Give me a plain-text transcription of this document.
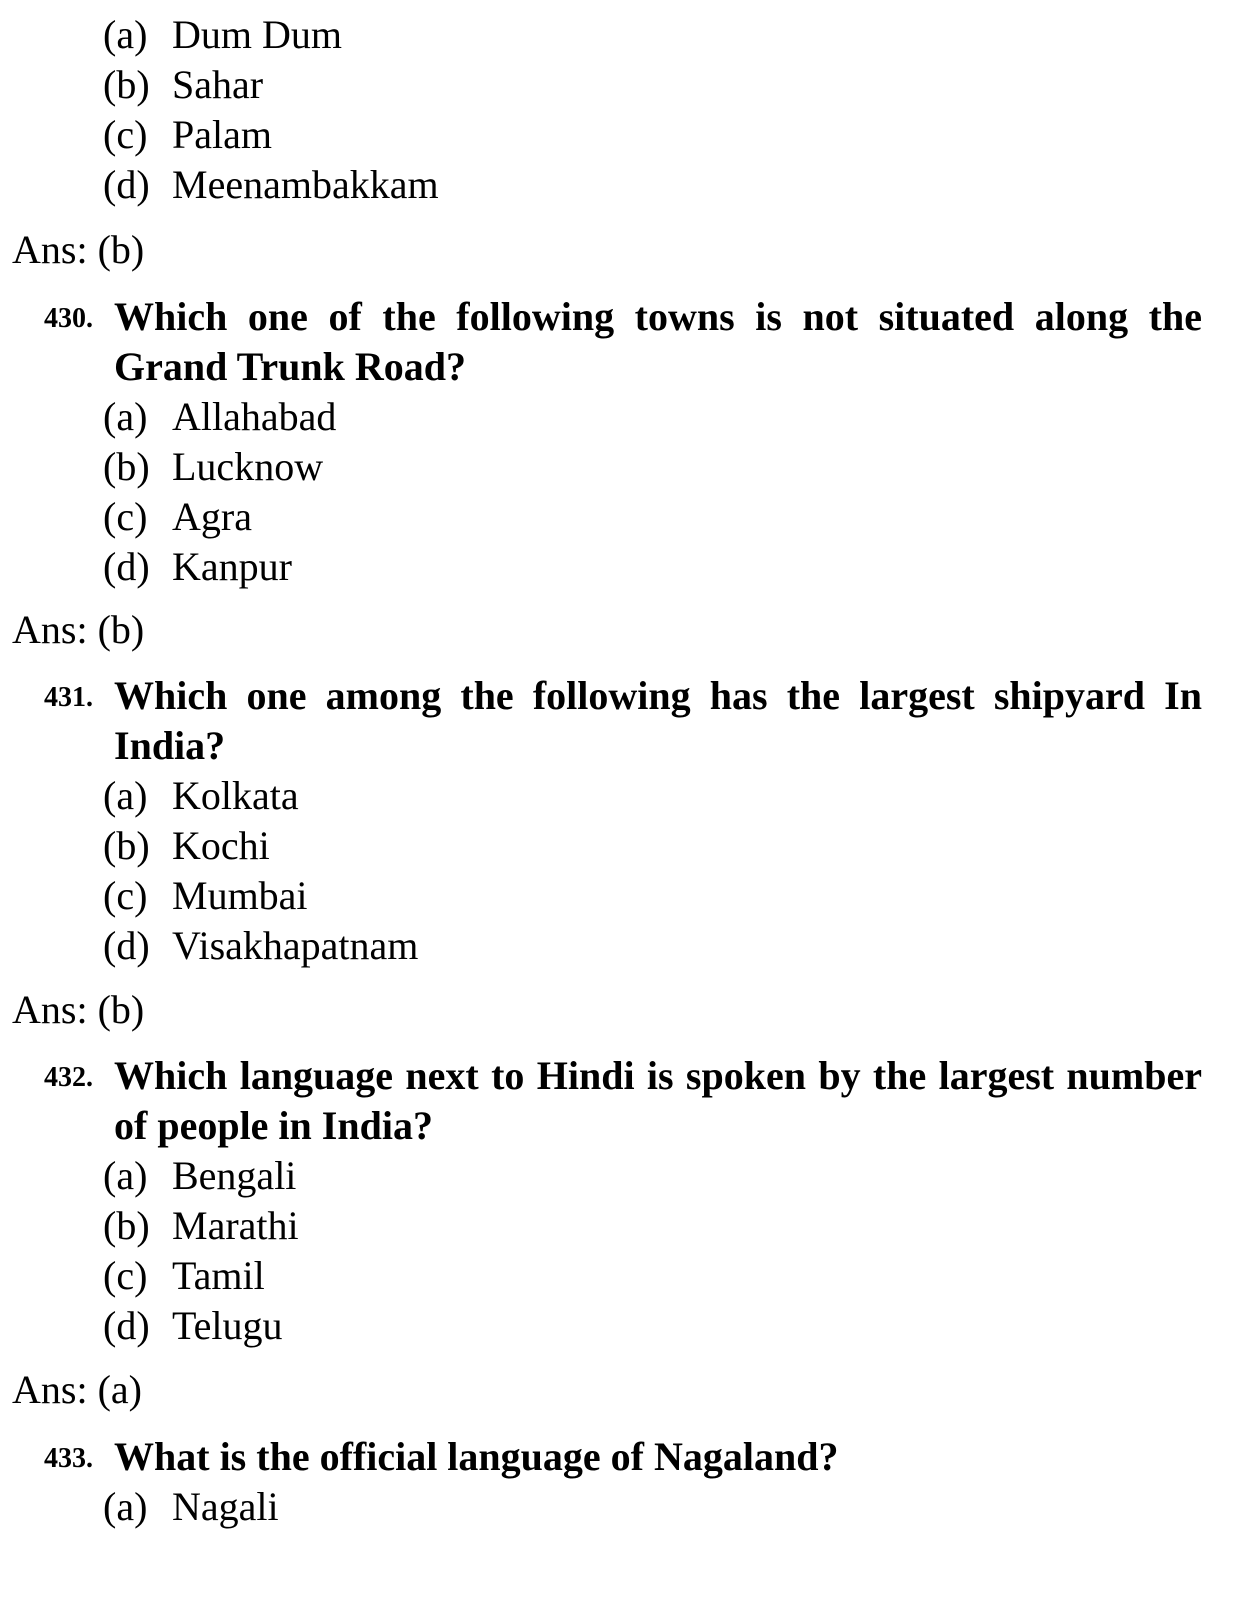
(a) Dum Dum
(b) Sahar
(c) Palam
(d) Meenambakkam
Ans: (b)
430. Which one of the following towns is not situated along the Grand Trunk Road?
(a) Allahabad
(b) Lucknow
(c) Agra
(d) Kanpur
Ans: (b)
431. Which one among the following has the largest shipyard In India?
(a) Kolkata
(b) Kochi
(c) Mumbai
(d) Visakhapatnam
Ans: (b)
432. Which language next to Hindi is spoken by the largest number of people in India?
(a) Bengali
(b) Marathi
(c) Tamil
(d) Telugu
Ans: (a)
433. What is the official language of Nagaland?
(a) Nagali
